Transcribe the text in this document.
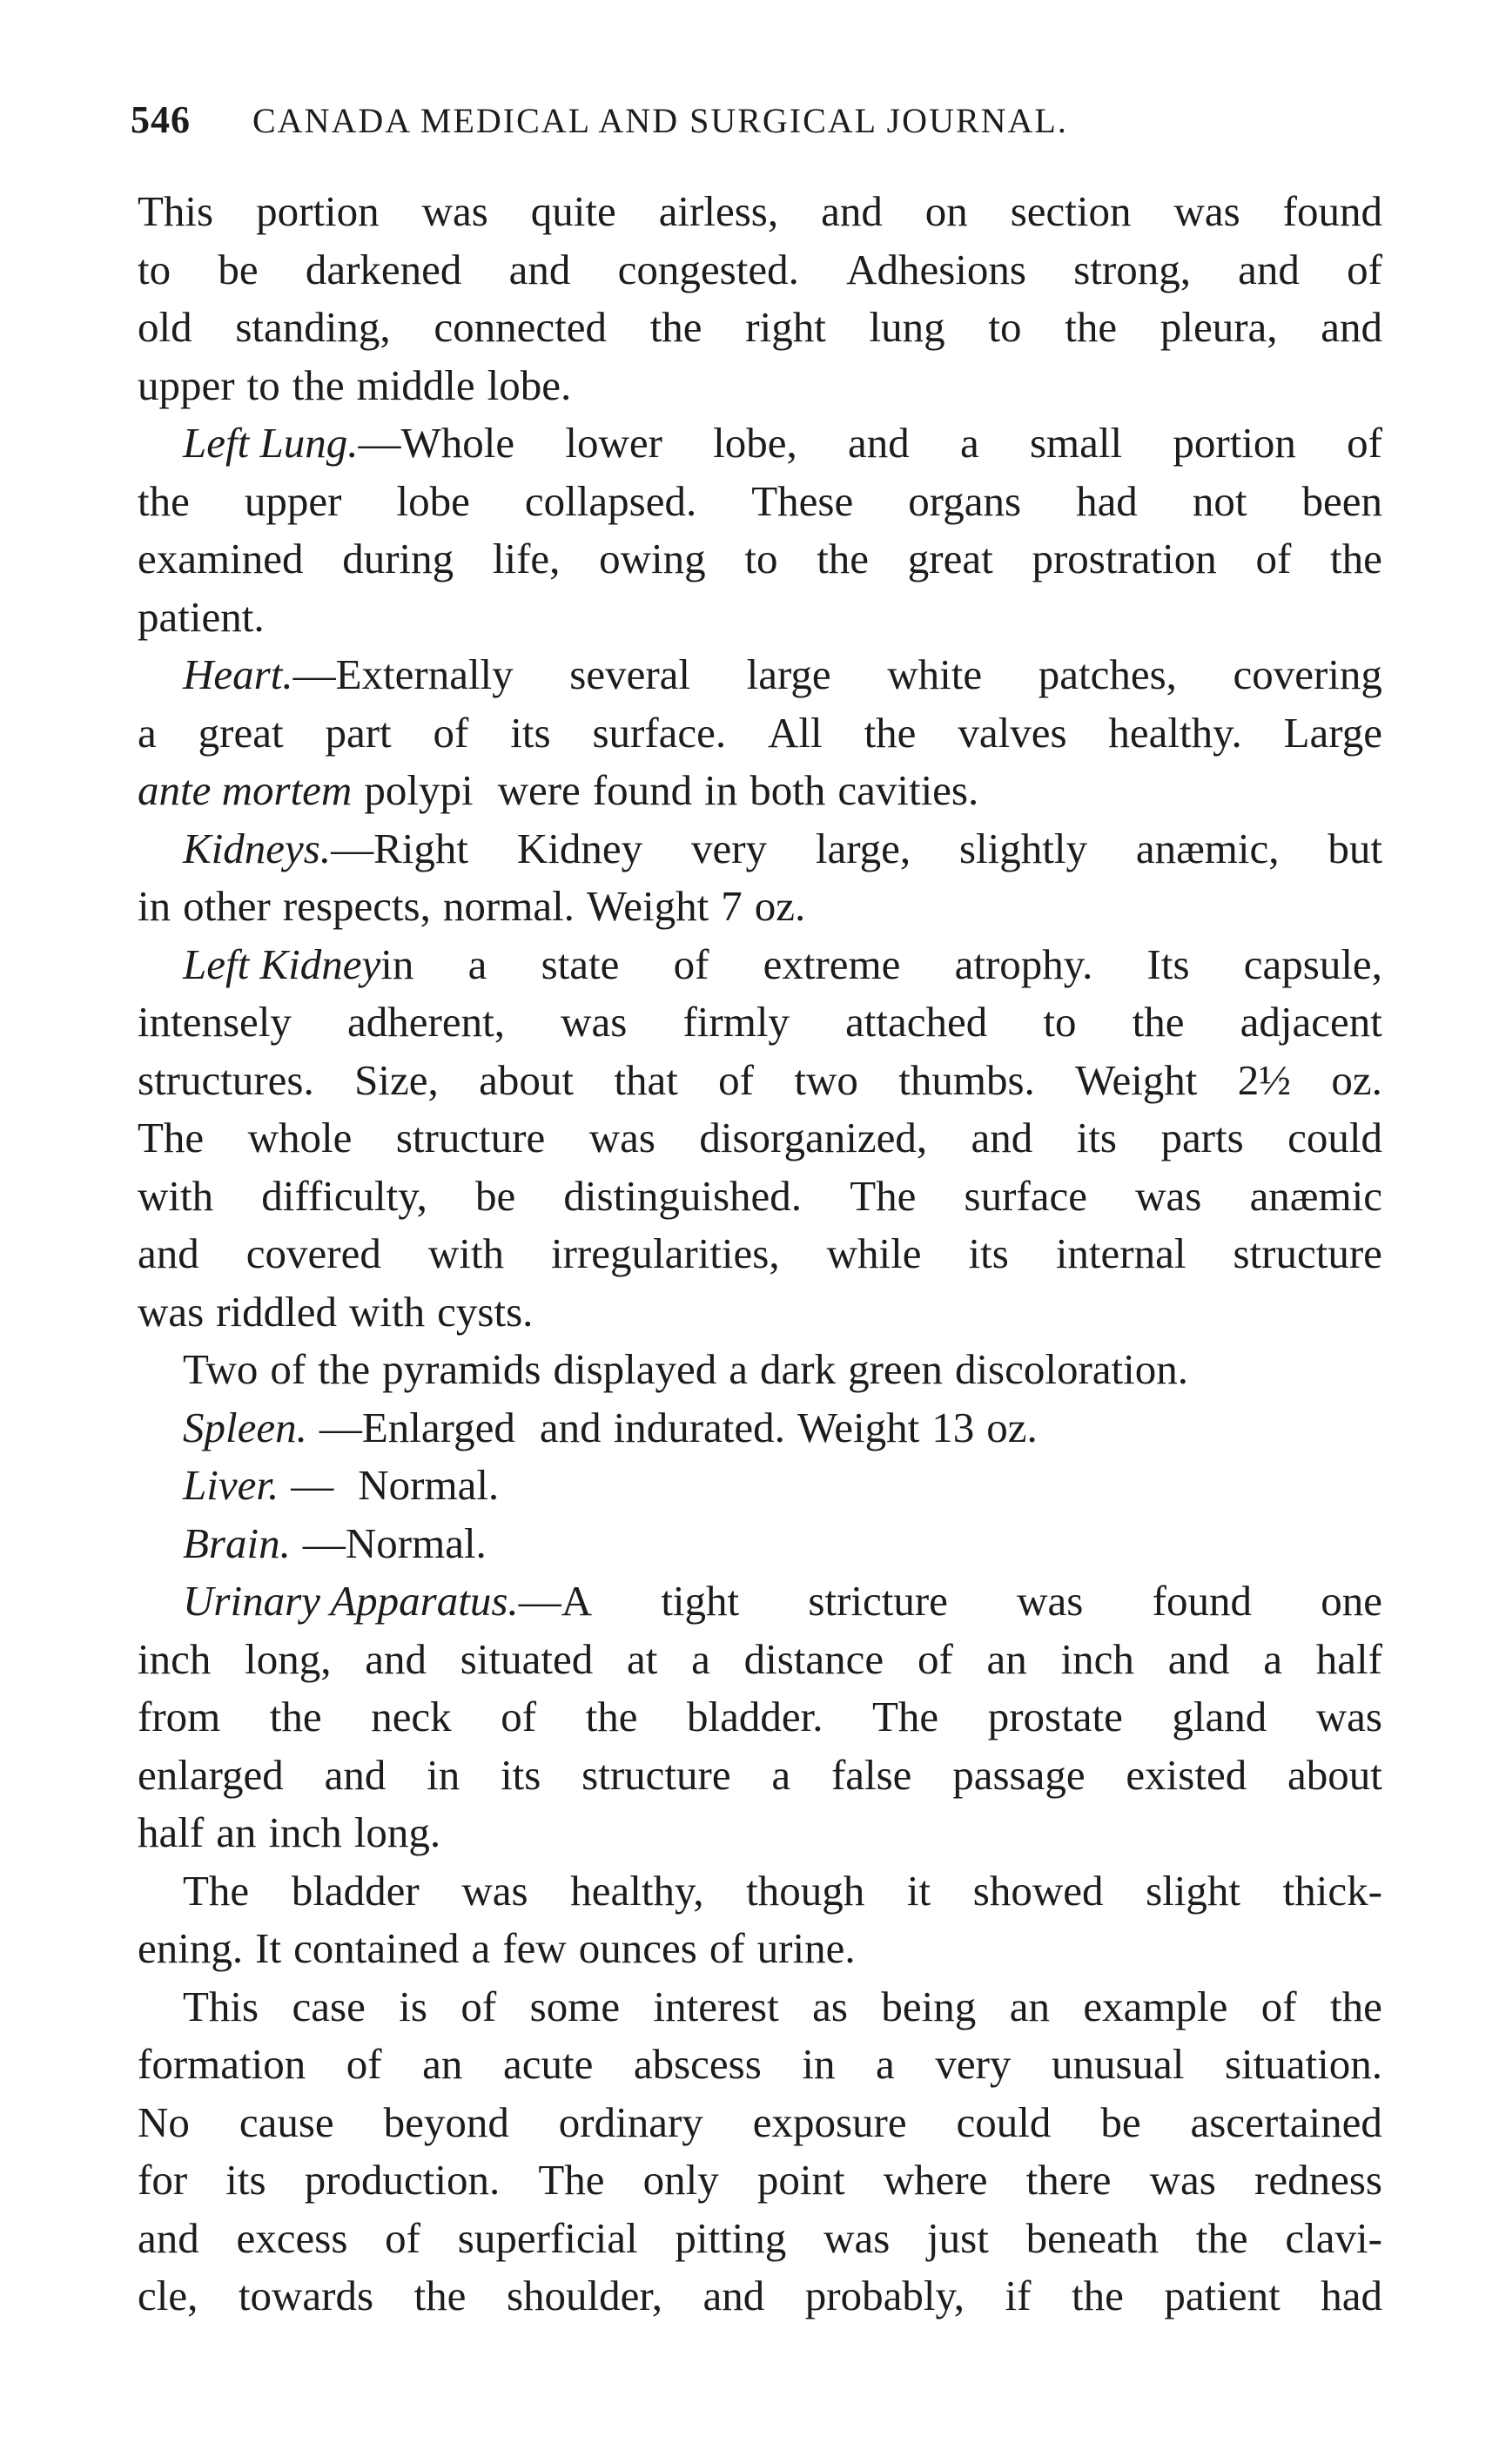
546 CANADA MEDICAL AND SURGICAL JOURNAL.
This portion was quite airless, and on section was found
to be darkened and congested. Adhesions strong, and of
old standing, connected the right lung to the pleura, and
upper to the middle lobe.
Left Lung.—Whole lower lobe, and a small portion of
the upper lobe collapsed. These organs had not been
examined during life, owing to the great prostration of the
patient.
Heart.—Externally several large white patches, covering
a great part of its surface. All the valves healthy. Large
ante mortem polypi were found in both cavities.
Kidneys.—Right Kidney very large, slightly anæmic, but
in other respects, normal. Weight 7 oz.
Left Kidneyin a state of extreme atrophy. Its capsule,
intensely adherent, was firmly attached to the adjacent
structures. Size, about that of two thumbs. Weight 2½ oz.
The whole structure was disorganized, and its parts could
with difficulty, be distinguished. The surface was anæmic
and covered with irregularities, while its internal structure
was riddled with cysts.
Two of the pyramids displayed a dark green discoloration.
Spleen. —Enlarged and indurated. Weight 13 oz.
Liver. — Normal.
Brain. —Normal.
Urinary Apparatus.—A tight stricture was found one
inch long, and situated at a distance of an inch and a half
from the neck of the bladder. The prostate gland was
enlarged and in its structure a false passage existed about
half an inch long.
The bladder was healthy, though it showed slight thick-
ening. It contained a few ounces of urine.
This case is of some interest as being an example of the
formation of an acute abscess in a very unusual situation.
No cause beyond ordinary exposure could be ascertained
for its production. The only point where there was redness
and excess of superficial pitting was just beneath the clavi-
cle, towards the shoulder, and probably, if the patient had
